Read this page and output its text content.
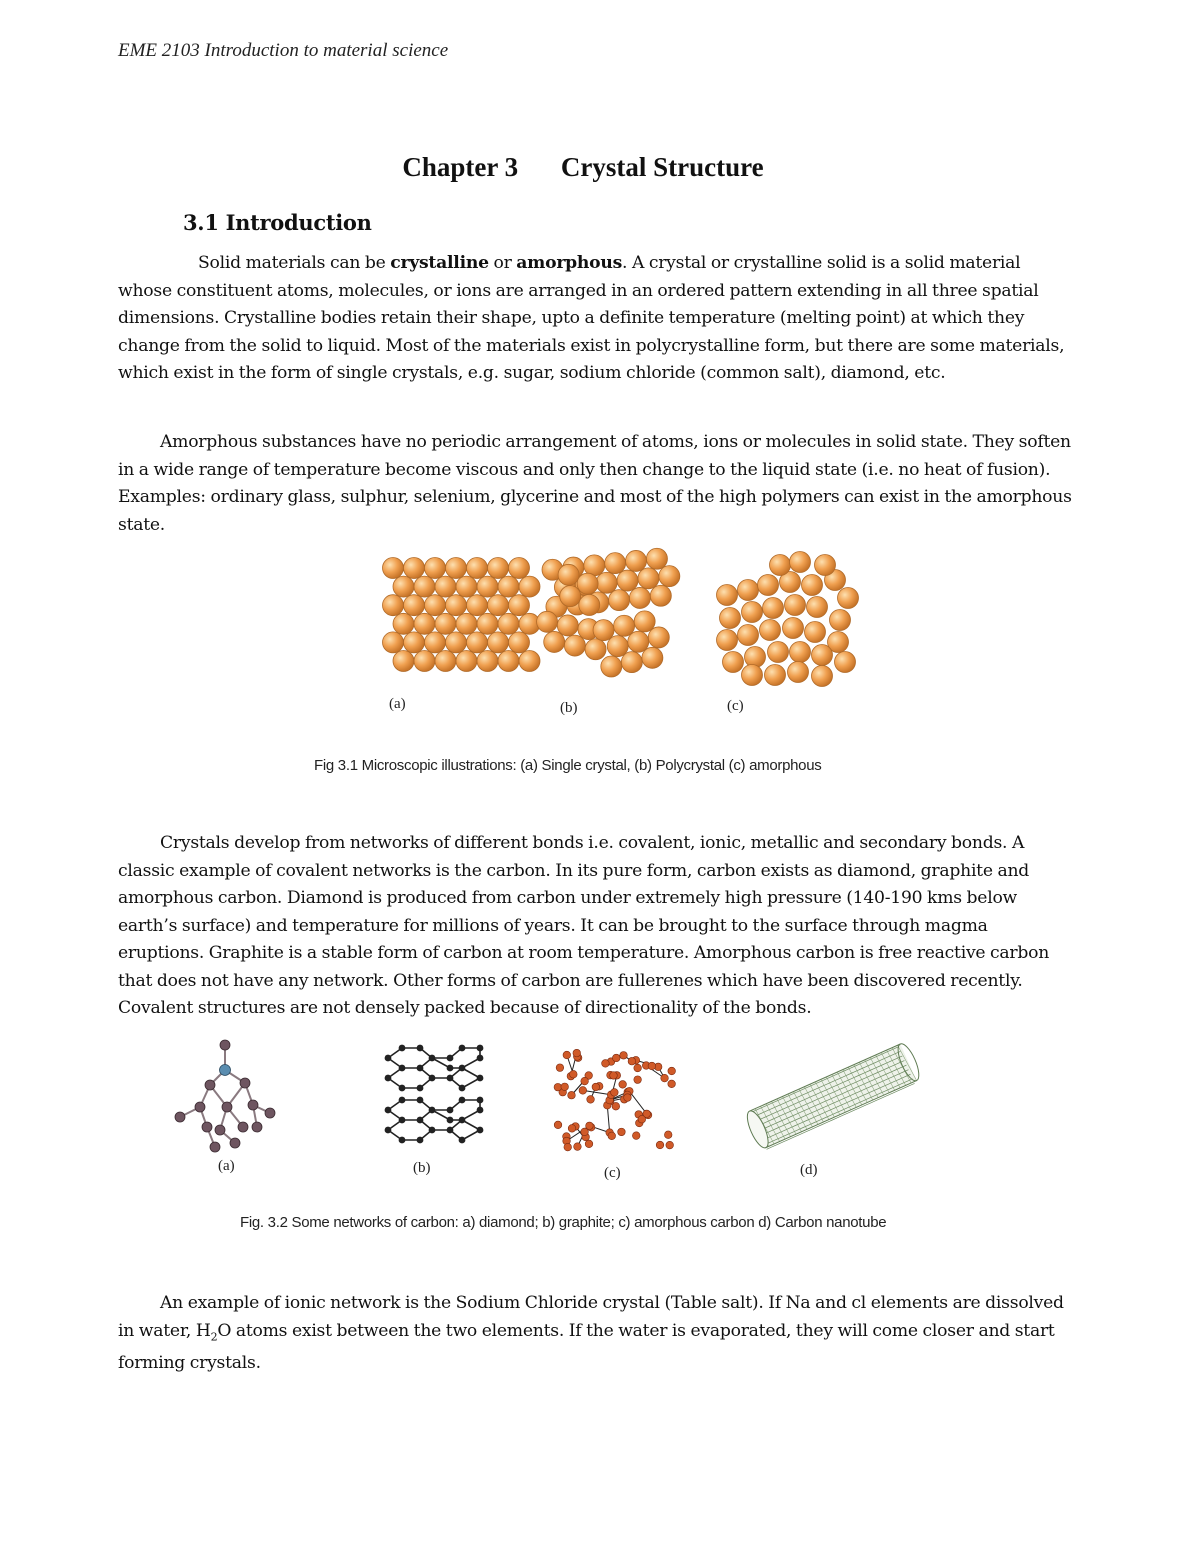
EME 2103 Introduction to material science
Chapter 3 Crystal Structure
3.1 Introduction

Solid materials can be crystalline or amorphous. A crystal or crystalline solid is a solid material whose constituent atoms, molecules, or ions are arranged in an ordered pattern extending in all three spatial dimensions. Crystalline bodies retain their shape, upto a definite temperature (melting point) at which they change from the solid to liquid. Most of the materials exist in polycrystalline form, but there are some materials, which exist in the form of single crystals, e.g. sugar, sodium chloride (common salt), diamond, etc.

Amorphous substances have no periodic arrangement of atoms, ions or molecules in solid state. They soften in a wide range of temperature become viscous and only then change to the liquid state (i.e. no heat of fusion). Examples: ordinary glass, sulphur, selenium, glycerine and most of the high polymers can exist in the amorphous state.

(a)	(b)	(c)
Fig 3.1 Microscopic illustrations: (a) Single crystal, (b) Polycrystal (c) amorphous

Crystals develop from networks of different bonds i.e. covalent, ionic, metallic and secondary bonds. A classic example of covalent networks is the carbon. In its pure form, carbon exists as diamond, graphite and amorphous carbon. Diamond is produced from carbon under extremely high pressure (140-190 kms below earth’s surface) and temperature for millions of years. It can be brought to the surface through magma eruptions. Graphite is a stable form of carbon at room temperature. Amorphous carbon is free reactive carbon that does not have any network. Other forms of carbon are fullerenes which have been discovered recently. Covalent structures are not densely packed because of directionality of the bonds.

(a)	(b)	(c)	(d)
Fig. 3.2 Some networks of carbon: a) diamond; b) graphite; c) amorphous carbon d) Carbon nanotube

An example of ionic network is the Sodium Chloride crystal (Table salt). If Na and cl elements are dissolved in water, $H_2O$ atoms exist between the two elements. If the water is evaporated, they will come closer and start forming crystals.
